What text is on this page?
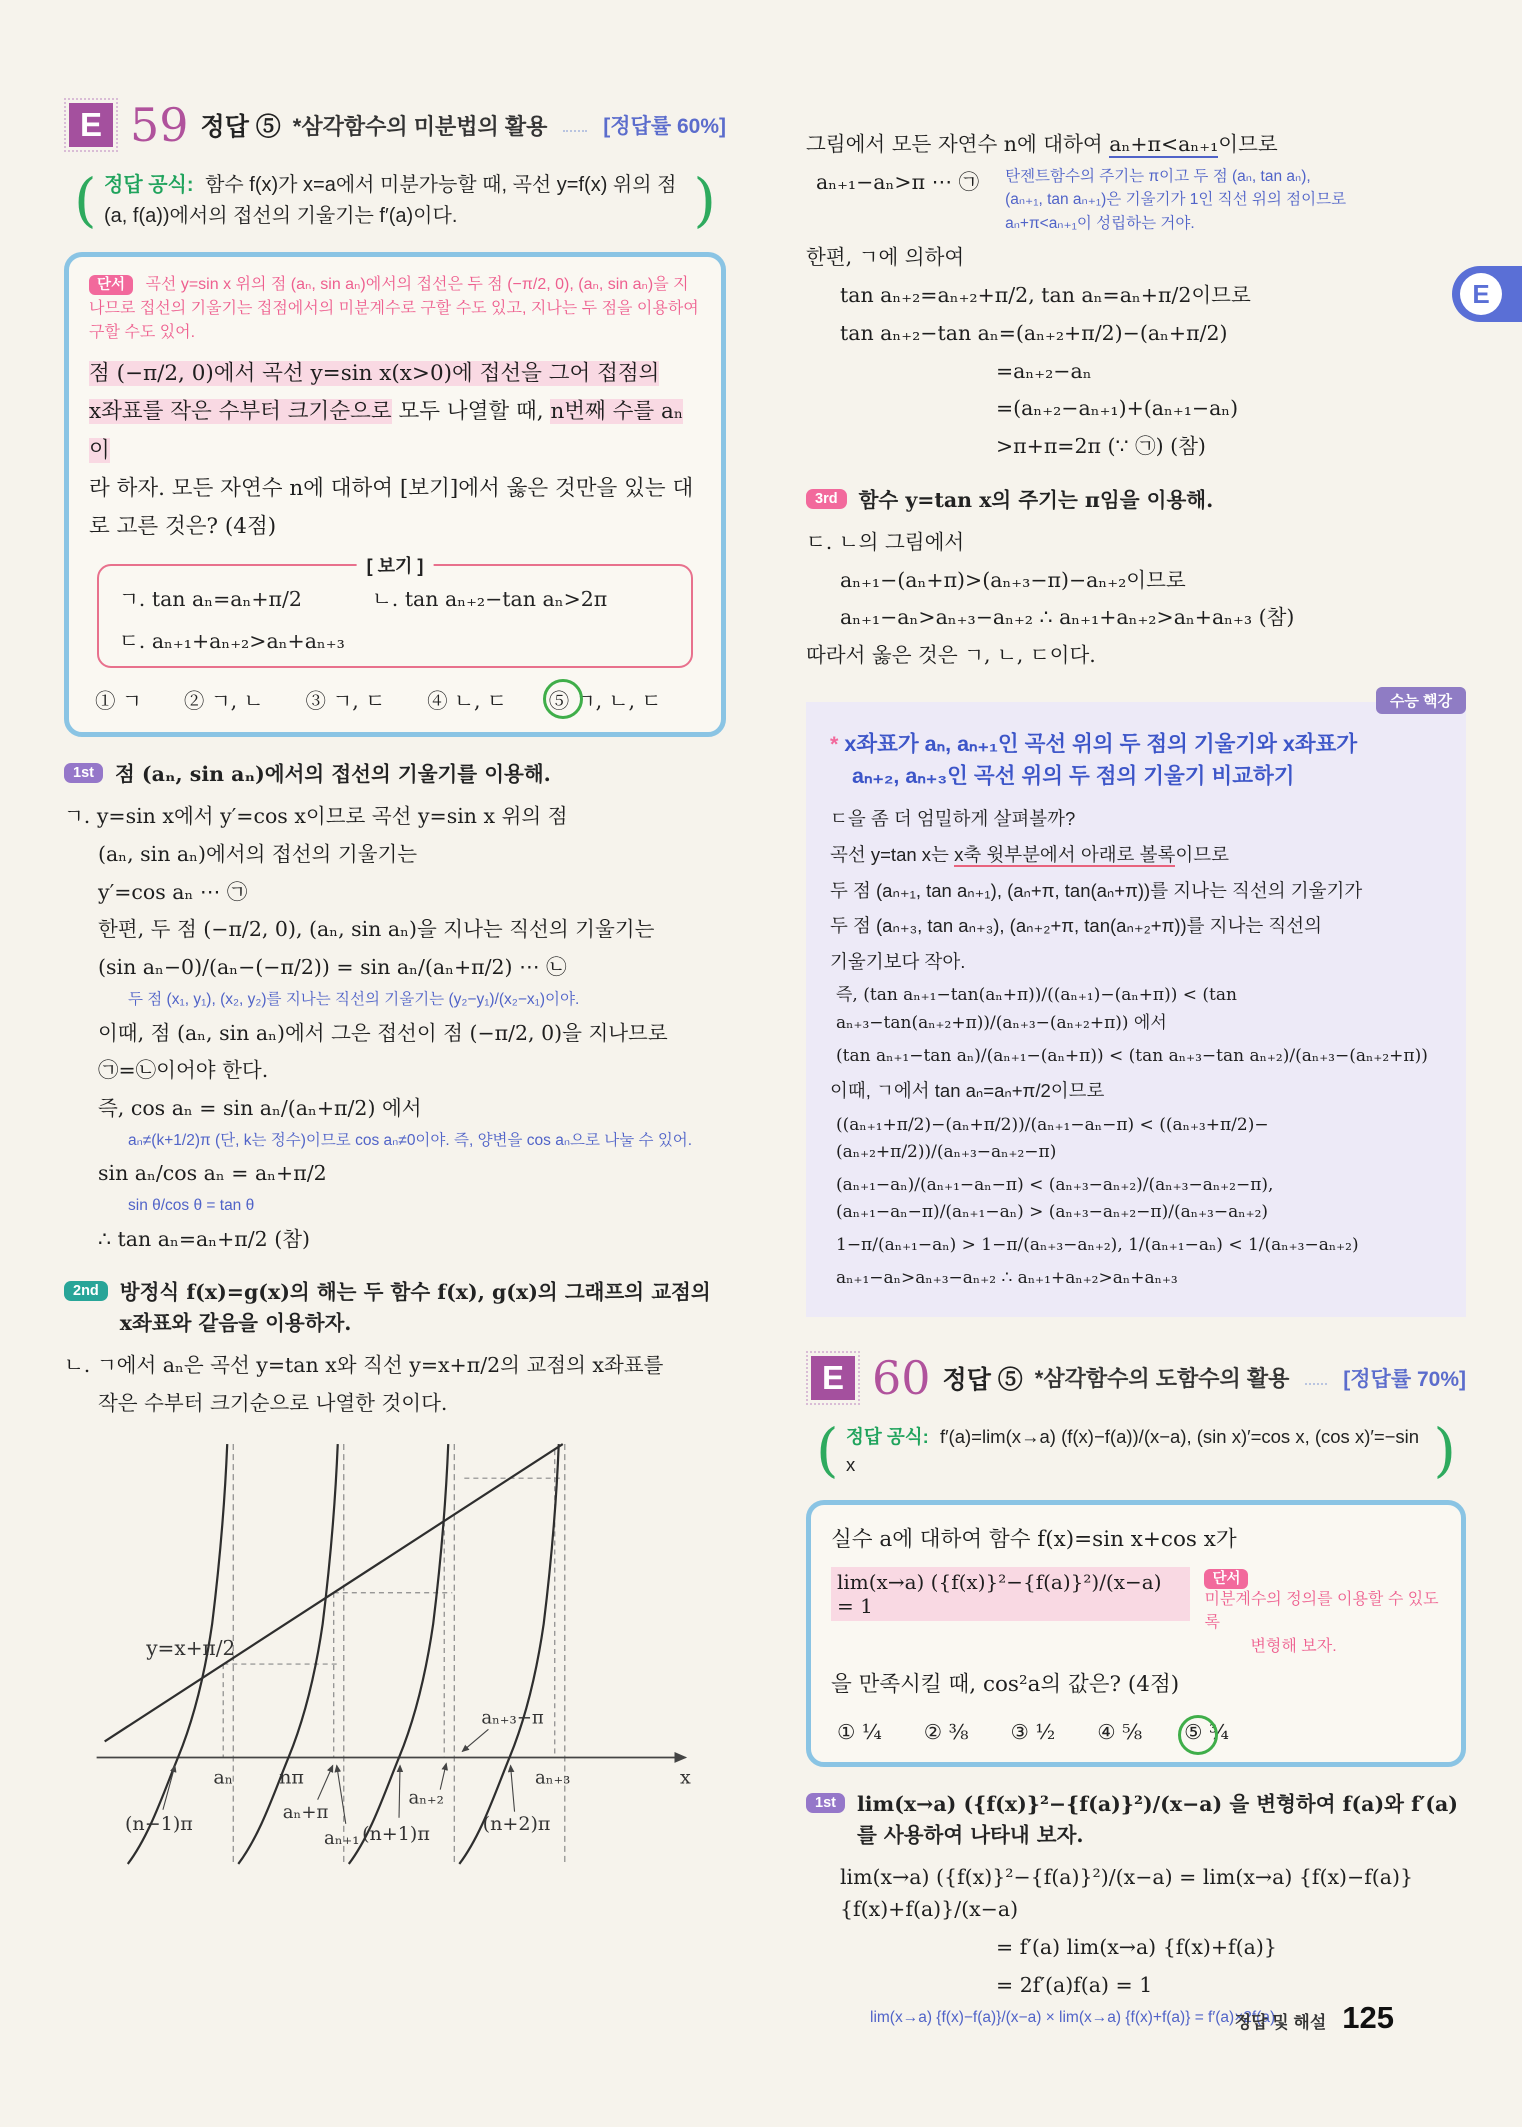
E 59 정답 ⑤ *삼각함수의 미분법의 활용	[정답률 60%]
( 정답 공식: 함수 f(x)가 x=a에서 미분가능할 때, 곡선 y=f(x) 위의 점 (a, f(a))에서의 접선의 기울기는 f′(a)이다. )
단서 곡선 y=sin x 위의 점 (aₙ, sin aₙ)에서의 접선은 두 점 (−π/2, 0), (aₙ, sin aₙ)을 지나므로 접선의 기울기는 접점에서의 미분계수로 구할 수도 있고, 지나는 두 점을 이용하여 구할 수도 있어.
점 (−π/2, 0)에서 곡선 y=sin x(x>0)에 접선을 그어 접점의
x좌표를 작은 수부터 크기순으로 모두 나열할 때, n번째 수를 aₙ이
라 하자. 모든 자연수 n에 대하여 [보기]에서 옳은 것만을 있는 대
로 고른 것은? (4점)
[ 보기 ]
ㄱ. tan aₙ=aₙ+π/2	ㄴ. tan aₙ₊₂−tan aₙ>2π
ㄷ. aₙ₊₁+aₙ₊₂>aₙ+aₙ₊₃
① ㄱ ② ㄱ, ㄴ ③ ㄱ, ㄷ ④ ㄴ, ㄷ ⑤ ㄱ, ㄴ, ㄷ
1st	점 (aₙ, sin aₙ)에서의 접선의 기울기를 이용해.
ㄱ. y=sin x에서 y′=cos x이므로 곡선 y=sin x 위의 점
(aₙ, sin aₙ)에서의 접선의 기울기는
y′=cos aₙ ⋯ ㉠
한편, 두 점 (−π/2, 0), (aₙ, sin aₙ)을 지나는 직선의 기울기는
(sin aₙ−0)/(aₙ−(−π/2)) = sin aₙ/(aₙ+π/2) ⋯ ㉡
두 점 (x₁, y₁), (x₂, y₂)를 지나는 직선의 기울기는 (y₂−y₁)/(x₂−x₁)이야.
이때, 점 (aₙ, sin aₙ)에서 그은 접선이 점 (−π/2, 0)을 지나므로
㉠=㉡이어야 한다.
즉, cos aₙ = sin aₙ/(aₙ+π/2) 에서
aₙ≠(k+1/2)π (단, k는 정수)이므로 cos aₙ≠0이야. 즉, 양변을 cos aₙ으로 나눌 수 있어.
sin aₙ/cos aₙ = aₙ+π/2
sin θ/cos θ = tan θ
∴ tan aₙ=aₙ+π/2 (참)
2nd	방정식 f(x)=g(x)의 해는 두 함수 f(x), g(x)의 그래프의 교점의 x좌표와 같음을 이용하자.
ㄴ. ㄱ에서 aₙ은 곡선 y=tan x와 직선 y=x+π/2의 교점의 x좌표를
작은 수부터 크기순으로 나열한 것이다.
y=x+π/2
aₙ nπ
(n−1)π
aₙ+π
aₙ₊₁ (n+1)π
aₙ₊₂
aₙ₊₃−π
(n+2)π
aₙ₊₃	x
그림에서 모든 자연수 n에 대하여 aₙ+π<aₙ₊₁이므로
aₙ₊₁−aₙ>π ⋯ ㉠ 탄젠트함수의 주기는 π이고 두 점 (aₙ, tan aₙ),
(aₙ₊₁, tan aₙ₊₁)은 기울기가 1인 직선 위의 점이므로
aₙ+π<aₙ₊₁이 성립하는 거야.
한편, ㄱ에 의하여
tan aₙ₊₂=aₙ₊₂+π/2, tan aₙ=aₙ+π/2이므로
tan aₙ₊₂−tan aₙ=(aₙ₊₂+π/2)−(aₙ+π/2)
=aₙ₊₂−aₙ
=(aₙ₊₂−aₙ₊₁)+(aₙ₊₁−aₙ)
>π+π=2π (∵ ㉠) (참)
3rd	함수 y=tan x의 주기는 π임을 이용해.
ㄷ. ㄴ의 그림에서
aₙ₊₁−(aₙ+π)>(aₙ₊₃−π)−aₙ₊₂이므로
aₙ₊₁−aₙ>aₙ₊₃−aₙ₊₂ ∴ aₙ₊₁+aₙ₊₂>aₙ+aₙ₊₃ (참)
따라서 옳은 것은 ㄱ, ㄴ, ㄷ이다.
수능 핵강
* x좌표가 aₙ, aₙ₊₁인 곡선 위의 두 점의 기울기와 x좌표가
aₙ₊₂, aₙ₊₃인 곡선 위의 두 점의 기울기 비교하기
ㄷ을 좀 더 엄밀하게 살펴볼까?
곡선 y=tan x는 x축 윗부분에서 아래로 볼록이므로
두 점 (aₙ₊₁, tan aₙ₊₁), (aₙ+π, tan(aₙ+π))를 지나는 직선의 기울기가
두 점 (aₙ₊₃, tan aₙ₊₃), (aₙ₊₂+π, tan(aₙ₊₂+π))를 지나는 직선의
기울기보다 작아.
즉, (tan aₙ₊₁−tan(aₙ+π))/((aₙ₊₁)−(aₙ+π)) < (tan aₙ₊₃−tan(aₙ₊₂+π))/(aₙ₊₃−(aₙ₊₂+π)) 에서
(tan aₙ₊₁−tan aₙ)/(aₙ₊₁−(aₙ+π)) < (tan aₙ₊₃−tan aₙ₊₂)/(aₙ₊₃−(aₙ₊₂+π))
이때, ㄱ에서 tan aₙ=aₙ+π/2이므로
((aₙ₊₁+π/2)−(aₙ+π/2))/(aₙ₊₁−aₙ−π) < ((aₙ₊₃+π/2)−(aₙ₊₂+π/2))/(aₙ₊₃−aₙ₊₂−π)
(aₙ₊₁−aₙ)/(aₙ₊₁−aₙ−π) < (aₙ₊₃−aₙ₊₂)/(aₙ₊₃−aₙ₊₂−π), (aₙ₊₁−aₙ−π)/(aₙ₊₁−aₙ) > (aₙ₊₃−aₙ₊₂−π)/(aₙ₊₃−aₙ₊₂)
1−π/(aₙ₊₁−aₙ) > 1−π/(aₙ₊₃−aₙ₊₂), 1/(aₙ₊₁−aₙ) < 1/(aₙ₊₃−aₙ₊₂)
aₙ₊₁−aₙ>aₙ₊₃−aₙ₊₂ ∴ aₙ₊₁+aₙ₊₂>aₙ+aₙ₊₃
E 60 정답 ⑤ *삼각함수의 도함수의 활용	[정답률 70%]
( 정답 공식: f′(a)=lim(x→a) (f(x)−f(a))/(x−a), (sin x)′=cos x, (cos x)′=−sin x )
실수 a에 대하여 함수 f(x)=sin x+cos x가
lim(x→a) ({f(x)}²−{f(a)}²)/(x−a) = 1
단서
미분계수의 정의를 이용할 수 있도록
변형해 보자.
을 만족시킬 때, cos²a의 값은? (4점)
① ¼ ② ⅜ ③ ½ ④ ⅝ ⑤ ¾
1st	lim(x→a) ({f(x)}²−{f(a)}²)/(x−a) 을 변형하여 f(a)와 f′(a)를 사용하여 나타내 보자.
lim(x→a) ({f(x)}²−{f(a)}²)/(x−a) = lim(x→a) {f(x)−f(a)}{f(x)+f(a)}/(x−a)
= f′(a) lim(x→a) {f(x)+f(a)}
= 2f′(a)f(a) = 1
lim(x→a) {f(x)−f(a)}/(x−a) × lim(x→a) {f(x)+f(a)} = f′(a)×2f(a)
E
정답 및 해설 125
